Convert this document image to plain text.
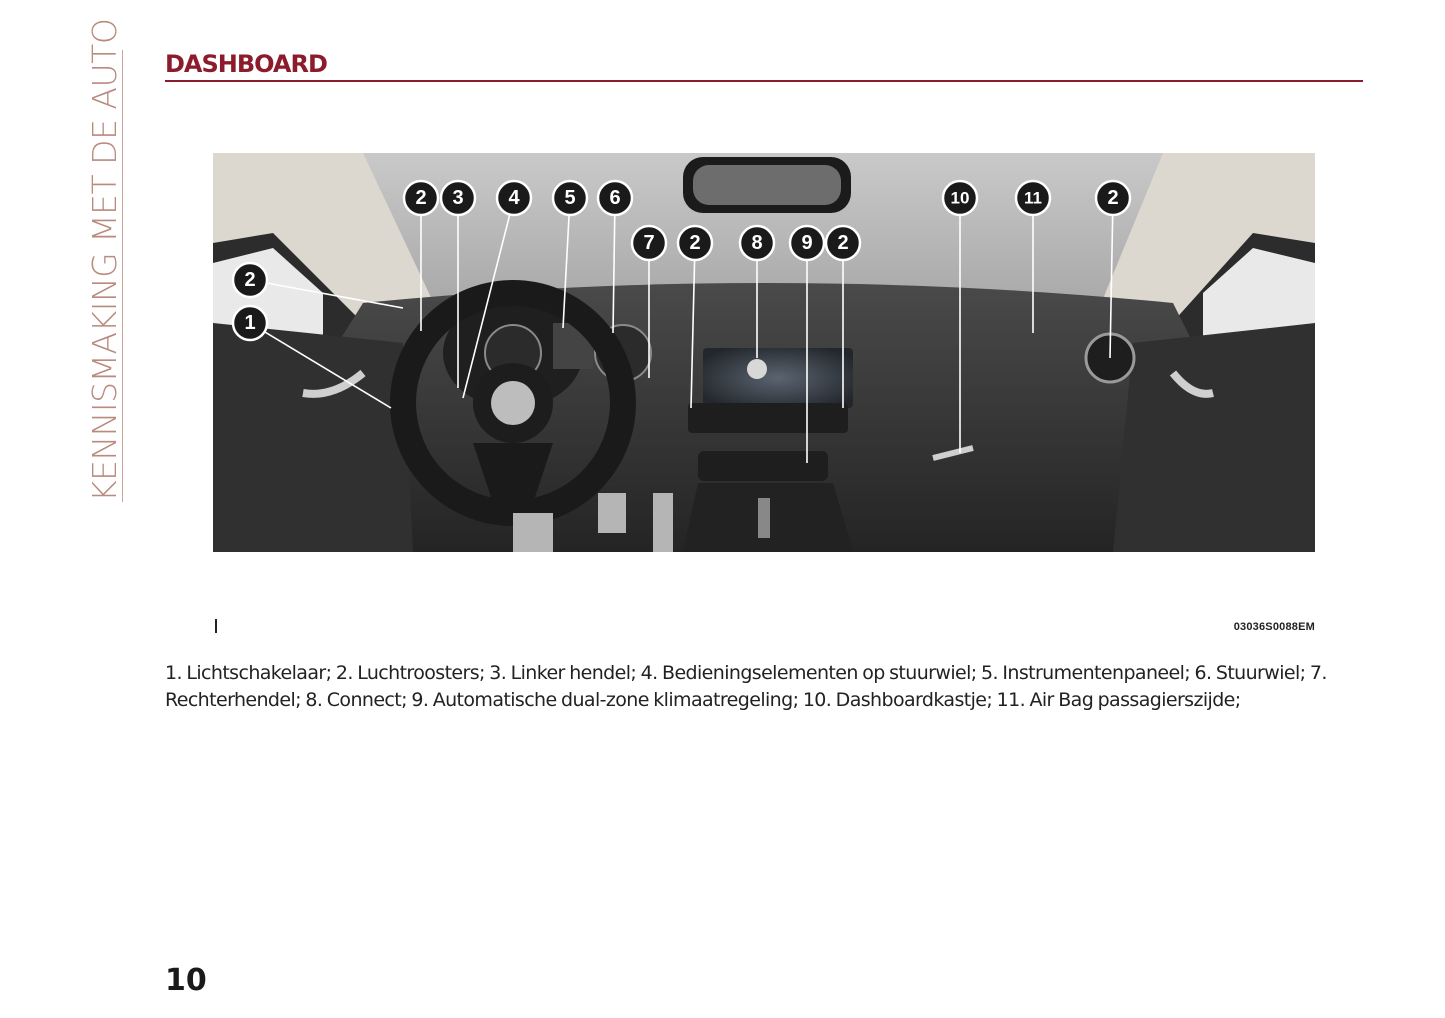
KENNISMAKING MET DE AUTO DASHBOARD
2 3 4 5 6
7 2	8 9 2
10	11	2
2
1
03036S0088EM
1. Lichtschakelaar; 2. Luchtroosters; 3. Linker hendel; 4. Bedieningselementen op stuurwiel; 5. Instrumentenpaneel; 6. Stuurwiel; 7. Rechterhendel; 8. Connect; 9. Automatische dual-zone klimaatregeling; 10. Dashboardkastje; 11. Air Bag passagierszijde;
10
